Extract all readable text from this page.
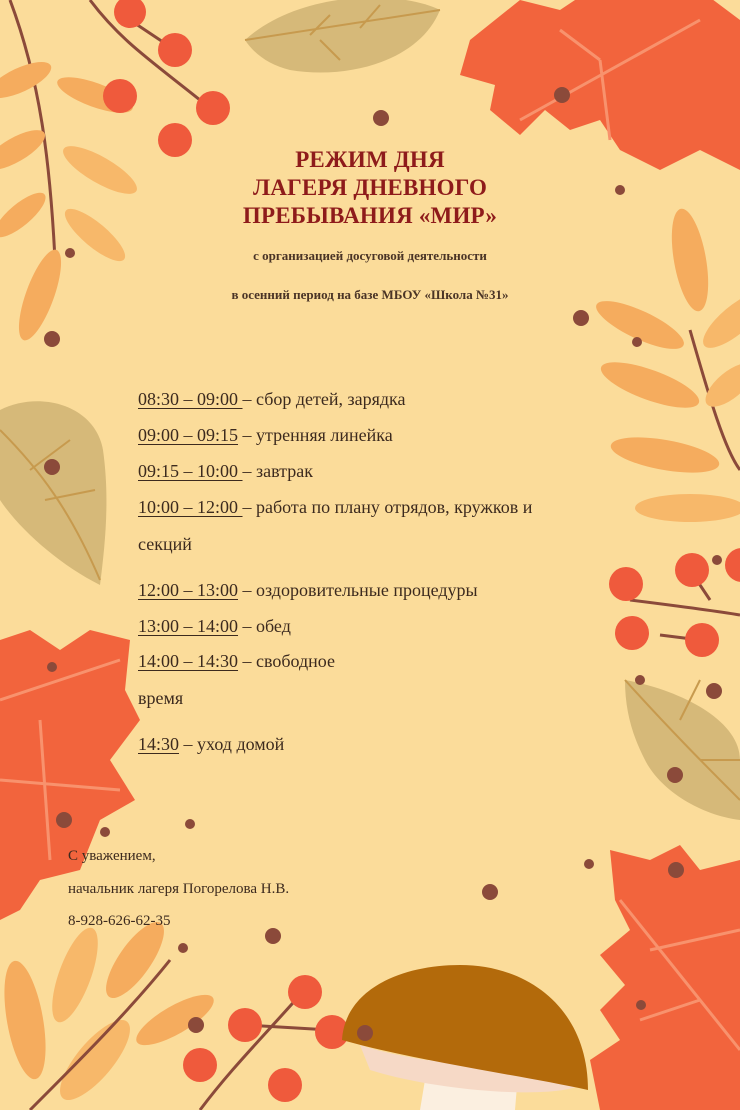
РЕЖИМ ДНЯ
ЛАГЕРЯ ДНЕВНОГО
ПРЕБЫВАНИЯ «МИР»
с организацией досуговой деятельности
в осенний период на базе МБОУ «Школа №31»
08:30 – 09:00 – сбор детей, зарядка
09:00 – 09:15 – утренняя линейка
09:15 – 10:00 – завтрак
10:00 – 12:00 – работа по плану отрядов, кружков и
секций
12:00 – 13:00 – оздоровительные процедуры
13:00 – 14:00 – обед
14:00 – 14:30 – свободное
время
14:30 – уход домой
С уважением,
начальник лагеря Погорелова Н.В.
8-928-626-62-35
